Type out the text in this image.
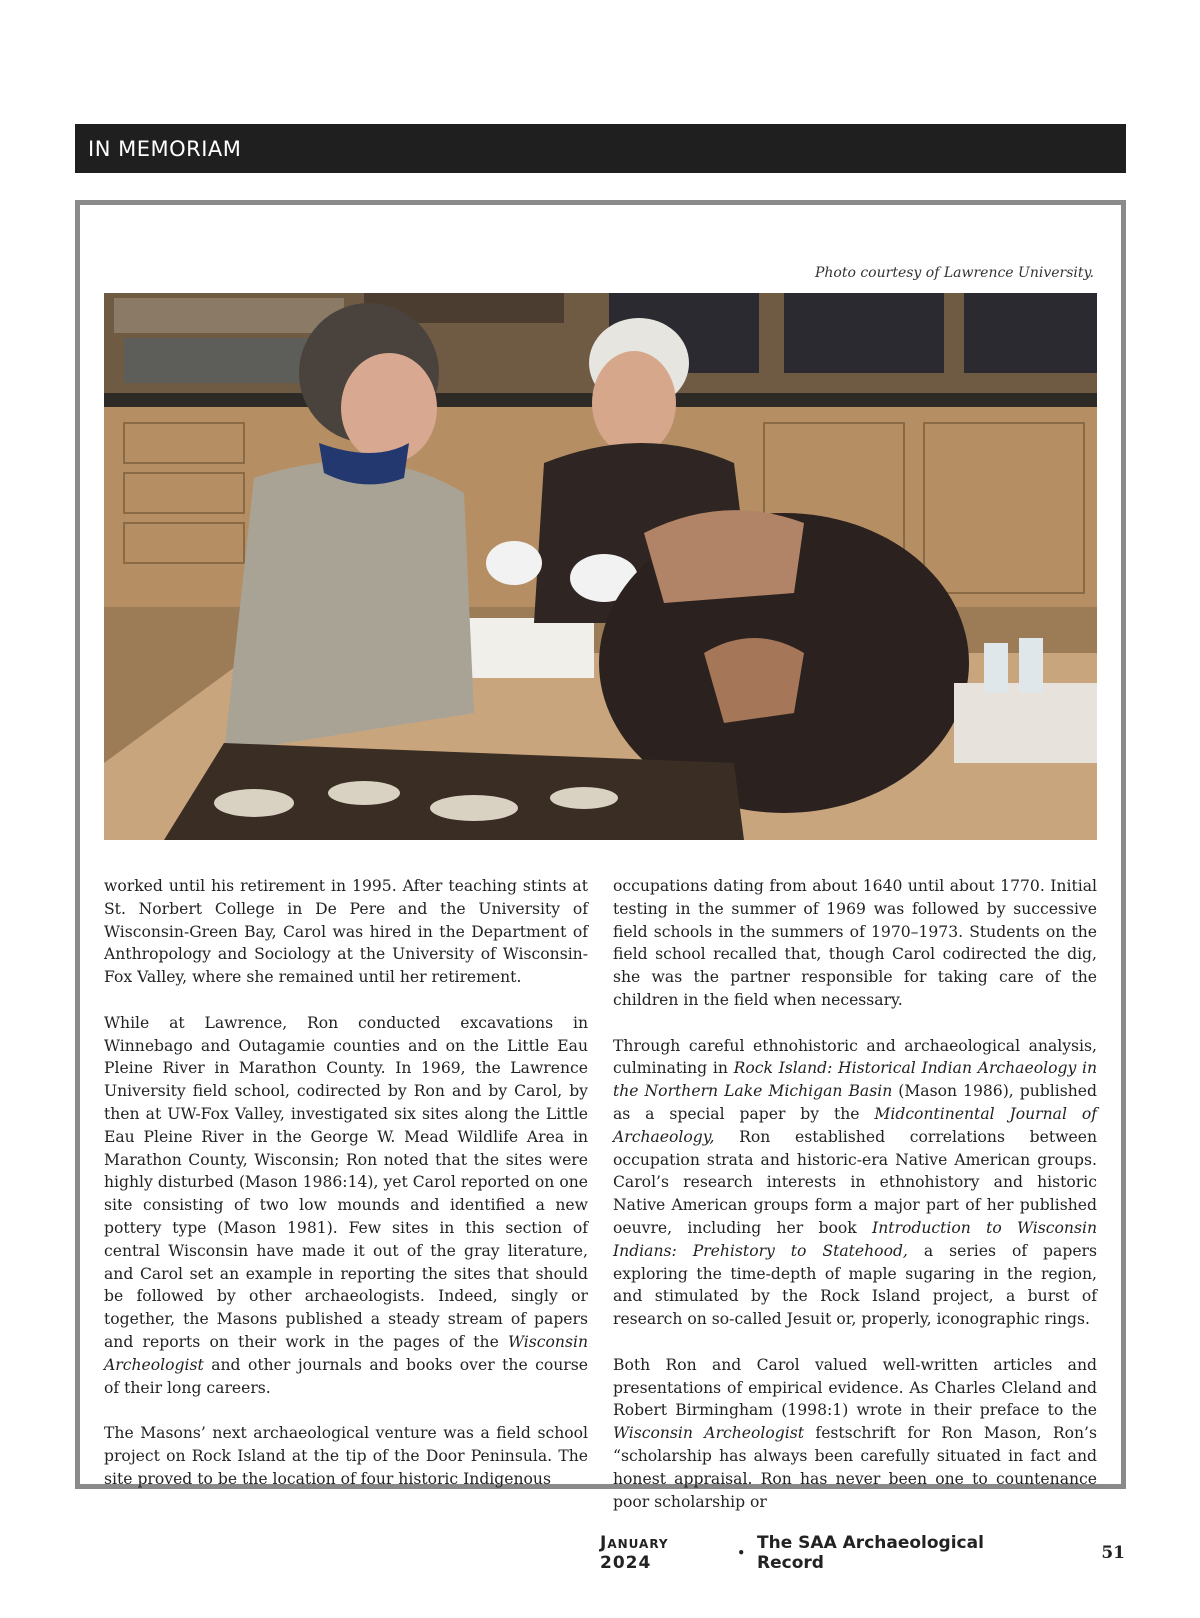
IN MEMORIAM
Photo courtesy of Lawrence University.

worked until his retirement in 1995. After teaching stints at St. Norbert College in De Pere and the University of Wisconsin-Green Bay, Carol was hired in the Department of Anthropology and Sociology at the University of Wisconsin-Fox Valley, where she remained until her retirement.

While at Lawrence, Ron conducted excavations in Winnebago and Outagamie counties and on the Little Eau Pleine River in Marathon County. In 1969, the Lawrence University field school, codirected by Ron and by Carol, by then at UW-Fox Valley, investigated six sites along the Little Eau Pleine River in the George W. Mead Wildlife Area in Marathon County, Wisconsin; Ron noted that the sites were highly disturbed (Mason 1986:14), yet Carol reported on one site consisting of two low mounds and identified a new pottery type (Mason 1981). Few sites in this section of central Wisconsin have made it out of the gray literature, and Carol set an example in reporting the sites that should be followed by other archaeologists. Indeed, singly or together, the Masons published a steady stream of papers and reports on their work in the pages of the Wisconsin Archeologist and other journals and books over the course of their long careers.

The Masons’ next archaeological venture was a field school project on Rock Island at the tip of the Door Peninsula. The site proved to be the location of four historic Indigenous

occupations dating from about 1640 until about 1770. Initial testing in the summer of 1969 was followed by successive field schools in the summers of 1970–1973. Students on the field school recalled that, though Carol codirected the dig, she was the partner responsible for taking care of the children in the field when necessary.

Through careful ethnohistoric and archaeological analysis, culminating in Rock Island: Historical Indian Archaeology in the Northern Lake Michigan Basin (Mason 1986), published as a special paper by the Midcontinental Journal of Archaeology, Ron established correlations between occupation strata and historic-era Native American groups. Carol’s research interests in ethnohistory and historic Native American groups form a major part of her published oeuvre, including her book Introduction to Wisconsin Indians: Prehistory to Statehood, a series of papers exploring the time-depth of maple sugaring in the region, and stimulated by the Rock Island project, a burst of research on so-called Jesuit or, properly, iconographic rings.

Both Ron and Carol valued well-written articles and presentations of empirical evidence. As Charles Cleland and Robert Birmingham (1998:1) wrote in their preface to the Wisconsin Archeologist festschrift for Ron Mason, Ron’s “scholarship has always been carefully situated in fact and honest appraisal. Ron has never been one to countenance poor scholarship or

January 2024	• The SAA Archaeological Record	51
